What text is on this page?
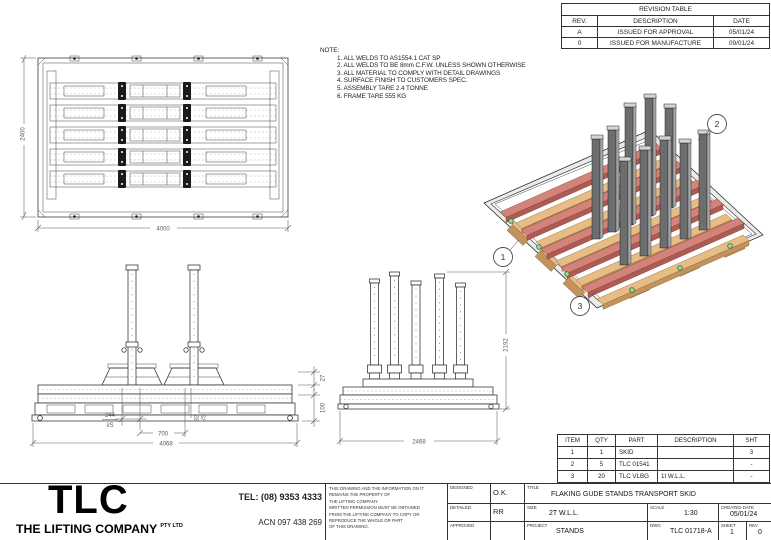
REVISION TABLE		
REV.	DESCRIPTION	DATE
A	ISSUED FOR APPROVAL	05/01/24
0	ISSUED FOR MANUFACTURE	09/01/24
NOTE:
1. ALL WELDS TO AS1554.1 CAT SP
2. ALL WELDS TO BE 8mm C.F.W. UNLESS SHOWN OTHERWISE
3. ALL MATERIAL TO COMPLY WITH DETAIL DRAWINGS
4. SURFACE FINISH TO CUSTOMERS SPEC.
5. ASSEMBLY TARE 2.4 TONNE
6. FRAME TARE 555 KG
2400
4000
27
100
244
I/S
700
92 I/S
4068	2468
2192
1
2
3
ITEM	QTY	PART	DESCRIPTION	SHT
1	1	SKID		3
2	5	TLC 01541		-
3	20	TLC VLBG	1t W.L.L.	-
TLC
THE LIFTING COMPANY $^{PTY LTD}$
TEL: (08) 9353 4333
ACN 097 438 269
THIS DRAWING AND THE INFORMATION ON IT
REMAINS THE PROPERTY OF
THE LIFTING COMPANY.
WRITTEN PERMISSION MUST BE OBTAINED
FROM THE LIFTING COMPANY TO COPY OR
REPRODUCE THE WHOLE OR PART
OF THIS DRAWING.
DESIGNED
O.K.
DETAILED	RR
APPROVED
TITLE
FLAKING GUDE STANDS TRANSPORT SKID
SIZE
2T W.L.L.
SCALE
1:30
CREATED DATE
05/01/24
PROJECT
STANDS
DWG
TLC 01718-A
SHEET
1
REV
0
